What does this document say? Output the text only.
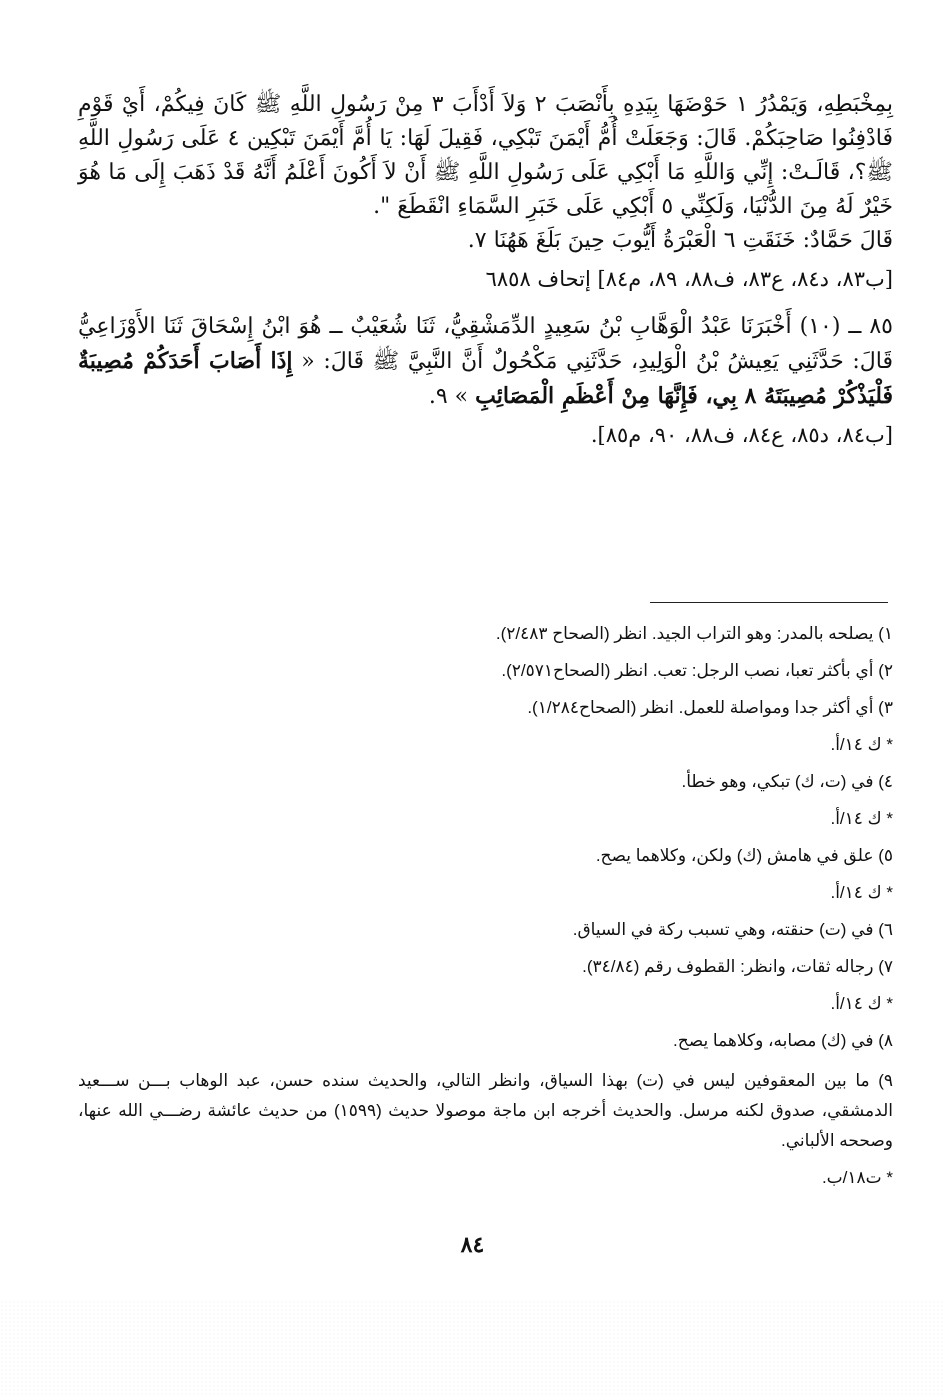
بِمِخْبَطِهِ، وَيَمْدُرُ ١ حَوْضَهَا بِيَدِهِ بِأَنْصَبَ ٢ وَلاَ أَدْأَبَ ٣ مِنْ رَسُولِ اللَّهِ ﷺ كَانَ فِيكُمْ، أَيْ قَوْمِ فَادْفِنُوا صَاحِبَكُمْ. قَالَ: وَجَعَلَتْ أُمُّ أَيْمَنَ تَبْكِي، فَقِيلَ لَهَا: يَا أُمَّ أَيْمَنَ تَبْكِين ٤ عَلَى رَسُولِ اللَّهِ ﷺ؟، قَالَـتْ: إِنِّي وَاللَّهِ مَا أَبْكِي عَلَى رَسُولِ اللَّهِ ﷺ أَنْ لاَ أَكُونَ أَعْلَمُ أَنَّهُ قَدْ ذَهَبَ إِلَى مَا هُوَ خَيْرٌ لَهُ مِنَ الدُّنْيَا، وَلَكِنِّي ٥ أَبْكِي عَلَى خَبَرِ السَّمَاءِ انْقَطَعَ ".

قَالَ حَمَّادٌ: خَنَقَتِ ٦ الْعَبْرَةُ أَيُّوبَ حِينَ بَلَغَ هَهُنَا ٧.

[ب٨٣، د٨٤، ع٨٣، ف٨٨، ٨٩، م٨٤] إتحاف ٦٨٥٨

٨٥ ــ (١٠) أَخْبَرَنَا عَبْدُ الْوَهَّابِ بْنُ سَعِيدٍ الدِّمَشْقِيُّ، ثَنَا شُعَيْبٌ ــ هُوَ ابْنُ إِسْحَاقَ ثَنَا الأَوْزَاعِيُّ قَالَ: حَدَّثَنِي يَعِيشُ بْنُ الْوَلِيدِ، حَدَّثَنِي مَكْحُولٌ أَنَّ النَّبِيَّ ﷺ قَالَ: « إِذَا أَصَابَ أَحَدَكُمْ مُصِيبَةٌ فَلْيَذْكُرْ مُصِيبَتَهُ ٨ بِي، فَإِنَّهَا مِنْ أَعْظَمِ الْمَصَائِبِ » ٩.

[ب٨٤، د٨٥، ع٨٤، ف٨٨، ٩٠، م٨٥].

١) يصلحه بالمدر: وهو التراب الجيد. انظر (الصحاح ٢/٤٨٣).

٢) أي بأكثر تعبا، نصب الرجل: تعب. انظر (الصحاح٢/٥٧١).

٣) أي أكثر جدا ومواصلة للعمل. انظر (الصحاح١/٢٨٤).

* ك ١٤/أ.

٤) في (ت، ك) تبكي، وهو خطأ.

* ك ١٤/أ.

٥) علق في هامش (ك) ولكن، وكلاهما يصح.

* ك ١٤/أ.

٦) في (ت) حنقته، وهي تسبب ركة في السياق.

٧) رجاله ثقات، وانظر: القطوف رقم (٣٤/٨٤).

* ك ١٤/أ.

٨) في (ك) مصابه، وكلاهما يصح.

٩) ما بين المعقوفين ليس في (ت) بهذا السياق، وانظر التالي، والحديث سنده حسن، عبد الوهاب بـــن ســـعيد الدمشقي، صدوق لكنه مرسل. والحديث أخرجه ابن ماجة موصولا حديث (١٥٩٩) من حديث عائشة رضـــي الله عنها، وصححه الألباني.

* ت١٨/ب.

٨٤
